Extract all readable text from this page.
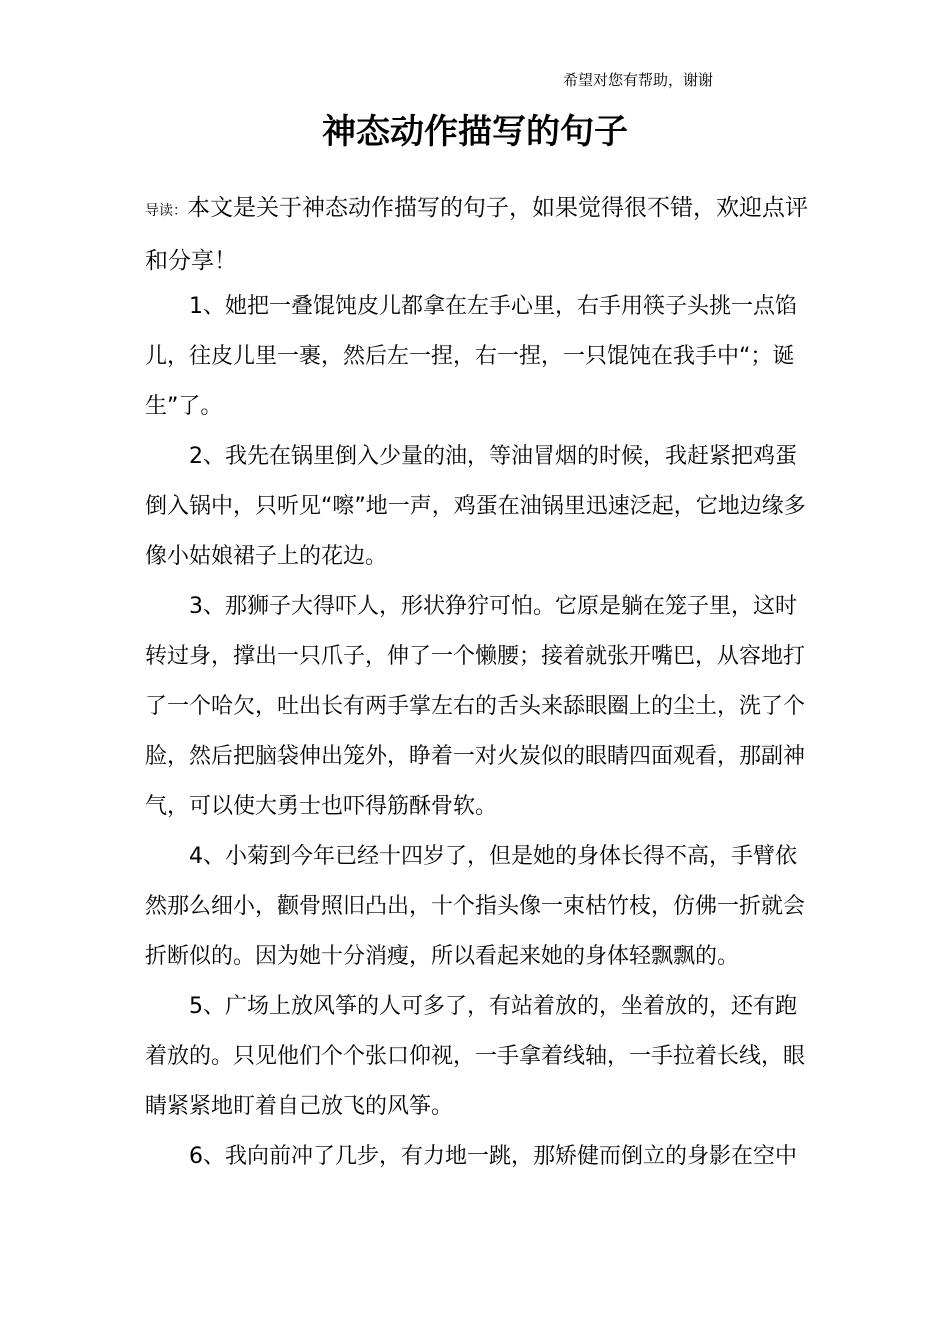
希望对您有帮助，谢谢
神态动作描写的句子

导读：本文是关于神态动作描写的句子，如果觉得很不错，欢迎点评和分享！

1、她把一叠馄饨皮儿都拿在左手心里，右手用筷子头挑一点馅儿，往皮儿里一裹，然后左一捏，右一捏，一只馄饨在我手中“；诞生”了。

2、我先在锅里倒入少量的油，等油冒烟的时候，我赶紧把鸡蛋倒入锅中，只听见“嚓”地一声，鸡蛋在油锅里迅速泛起，它地边缘多像小姑娘裙子上的花边。

3、那狮子大得吓人，形状狰狞可怕。它原是躺在笼子里，这时转过身，撑出一只爪子，伸了一个懒腰；接着就张开嘴巴，从容地打了一个哈欠，吐出长有两手掌左右的舌头来舔眼圈上的尘土，洗了个脸，然后把脑袋伸出笼外，睁着一对火炭似的眼睛四面观看，那副神气，可以使大勇士也吓得筋酥骨软。

4、小菊到今年已经十四岁了，但是她的身体长得不高，手臂依然那么细小，颧骨照旧凸出，十个指头像一束枯竹枝，仿佛一折就会折断似的。因为她十分消瘦，所以看起来她的身体轻飘飘的。

5、广场上放风筝的人可多了，有站着放的，坐着放的，还有跑着放的。只见他们个个张口仰视，一手拿着线轴，一手拉着长线，眼睛紧紧地盯着自己放飞的风筝。

6、我向前冲了几步，有力地一跳，那矫健而倒立的身影在空中
